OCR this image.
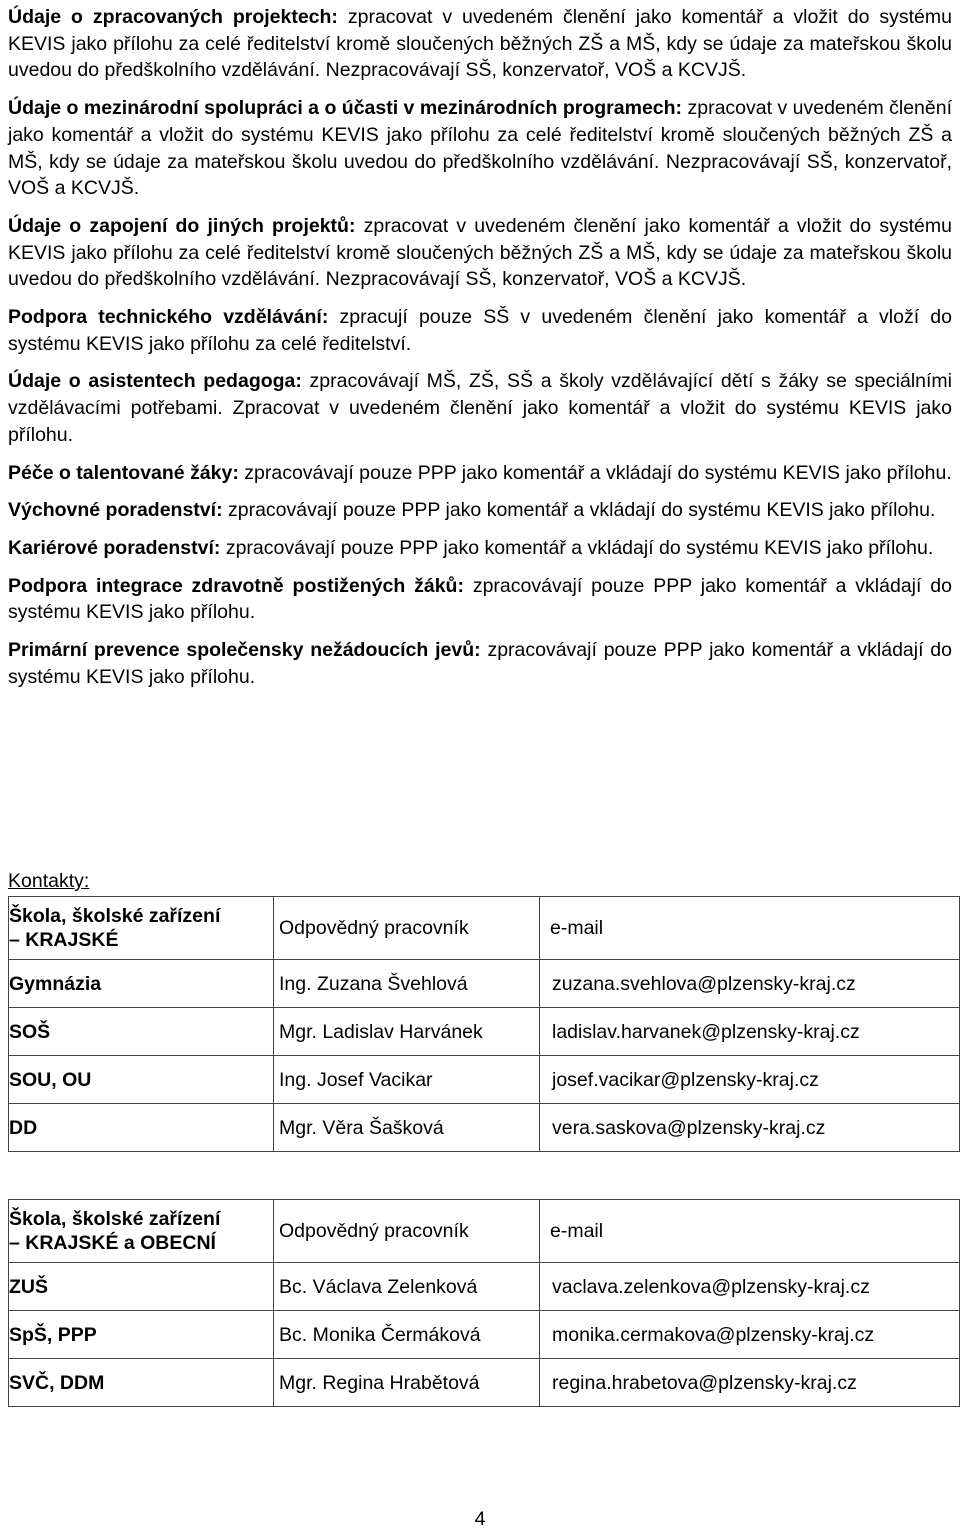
Údaje o zpracovaných projektech: zpracovat v uvedeném členění jako komentář a vložit do systému KEVIS jako přílohu za celé ředitelství kromě sloučených běžných ZŠ a MŠ, kdy se údaje za mateřskou školu uvedou do předškolního vzdělávání. Nezpracovávají SŠ, konzervatoř, VOŠ a KCVJŠ.

Údaje o mezinárodní spolupráci a o účasti v mezinárodních programech: zpracovat v uvedeném členění jako komentář a vložit do systému KEVIS jako přílohu za celé ředitelství kromě sloučených běžných ZŠ a MŠ, kdy se údaje za mateřskou školu uvedou do předškolního vzdělávání. Nezpracovávají SŠ, konzervatoř, VOŠ a KCVJŠ.

Údaje o zapojení do jiných projektů: zpracovat v uvedeném členění jako komentář a vložit do systému KEVIS jako přílohu za celé ředitelství kromě sloučených běžných ZŠ a MŠ, kdy se údaje za mateřskou školu uvedou do předškolního vzdělávání. Nezpracovávají SŠ, konzervatoř, VOŠ a KCVJŠ.

Podpora technického vzdělávání: zpracují pouze SŠ v uvedeném členění jako komentář a vloží do systému KEVIS jako přílohu za celé ředitelství.

Údaje o asistentech pedagoga: zpracovávají MŠ, ZŠ, SŠ a školy vzdělávající dětí s žáky se speciálními vzdělávacími potřebami. Zpracovat v uvedeném členění jako komentář a vložit do systému KEVIS jako přílohu.

Péče o talentované žáky: zpracovávají pouze PPP jako komentář a vkládají do systému KEVIS jako přílohu.

Výchovné poradenství: zpracovávají pouze PPP jako komentář a vkládají do systému KEVIS jako přílohu.

Kariérové poradenství: zpracovávají pouze PPP jako komentář a vkládají do systému KEVIS jako přílohu.

Podpora integrace zdravotně postižených žáků: zpracovávají pouze PPP jako komentář a vkládají do systému KEVIS jako přílohu.

Primární prevence společensky nežádoucích jevů: zpracovávají pouze PPP jako komentář a vkládají do systému KEVIS jako přílohu.

Kontakty:
Škola, školské zařízení
– KRAJSKÉ	Odpovědný pracovník	e-mail
Gymnázia	Ing. Zuzana Švehlová	zuzana.svehlova@plzensky-kraj.cz
SOŠ	Mgr. Ladislav Harvánek	ladislav.harvanek@plzensky-kraj.cz
SOU, OU	Ing. Josef Vacikar	josef.vacikar@plzensky-kraj.cz
DD	Mgr. Věra Šašková	vera.saskova@plzensky-kraj.cz
Škola, školské zařízení
– KRAJSKÉ a OBECNÍ	Odpovědný pracovník	e-mail
ZUŠ	Bc. Václava Zelenková	vaclava.zelenkova@plzensky-kraj.cz
SpŠ, PPP	Bc. Monika Čermáková	monika.cermakova@plzensky-kraj.cz
SVČ, DDM	Mgr. Regina Hrabětová	regina.hrabetova@plzensky-kraj.cz
4
